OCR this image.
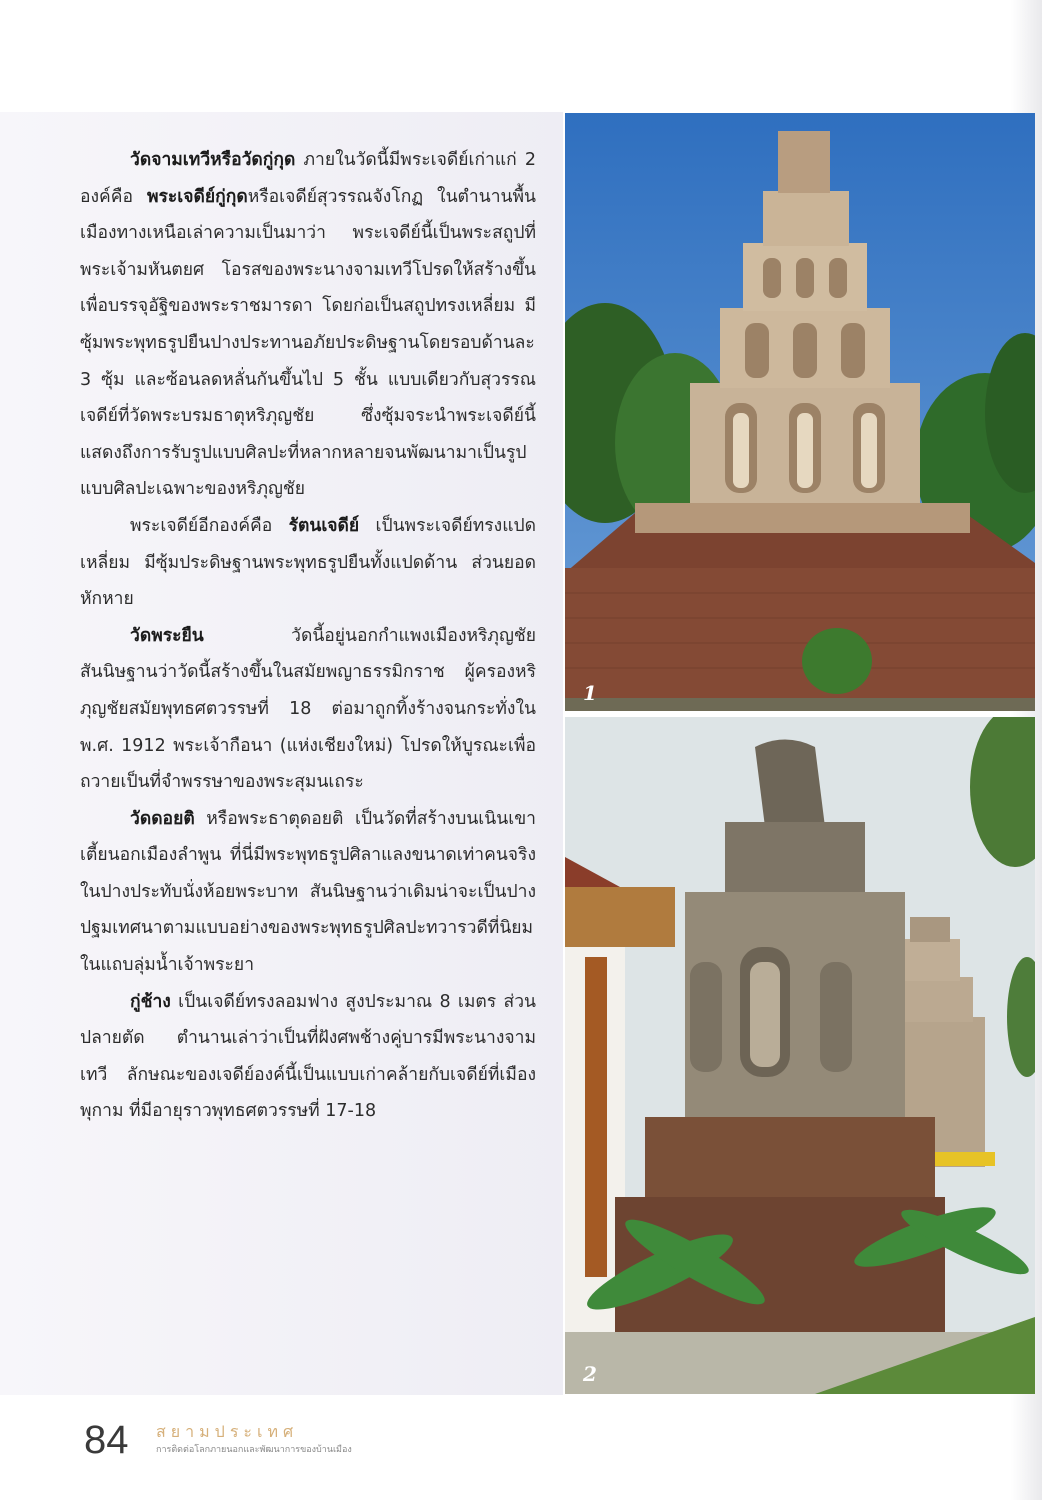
วัดจามเทวีหรือวัดกู่กุด ภายในวัดนี้มีพระเจดีย์เก่าแก่ 2 องค์คือ พระเจดีย์กู่กุดหรือเจดีย์สุวรรณจังโกฏ ในตำนานพื้นเมืองทางเหนือเล่าความเป็นมาว่า พระเจดีย์นี้เป็นพระสถูปที่พระเจ้ามหันตยศ โอรสของพระนางจามเทวีโปรดให้สร้างขึ้นเพื่อบรรจุอัฐิของพระราชมารดา โดยก่อเป็นสถูปทรงเหลี่ยม มีซุ้มพระพุทธรูปยืนปางประทานอภัยประดิษฐานโดยรอบด้านละ 3 ซุ้ม และซ้อนลดหลั่นกันขึ้นไป 5 ชั้น แบบเดียวกับสุวรรณเจดีย์ที่วัดพระบรมธาตุหริภุญชัย ซึ่งซุ้มจระนำพระเจดีย์นี้แสดงถึงการรับรูปแบบศิลปะที่หลากหลายจนพัฒนามาเป็นรูปแบบศิลปะเฉพาะของหริภุญชัย

พระเจดีย์อีกองค์คือ รัตนเจดีย์ เป็นพระเจดีย์ทรงแปดเหลี่ยม มีซุ้มประดิษฐานพระพุทธรูปยืนทั้งแปดด้าน ส่วนยอดหักหาย

วัดพระยืน วัดนี้อยู่นอกกำแพงเมืองหริภุญชัย สันนิษฐานว่าวัดนี้สร้างขึ้นในสมัยพญาธรรมิกราช ผู้ครองหริภุญชัยสมัยพุทธศตวรรษที่ 18 ต่อมาถูกทิ้งร้างจนกระทั่งใน พ.ศ. 1912 พระเจ้ากือนา (แห่งเชียงใหม่) โปรดให้บูรณะเพื่อถวายเป็นที่จำพรรษาของพระสุมนเถระ

วัดดอยติ หรือพระธาตุดอยติ เป็นวัดที่สร้างบนเนินเขาเตี้ยนอกเมืองลำพูน ที่นี่มีพระพุทธรูปศิลาแลงขนาดเท่าคนจริงในปางประทับนั่งห้อยพระบาท สันนิษฐานว่าเดิมน่าจะเป็นปางปฐมเทศนาตามแบบอย่างของพระพุทธรูปศิลปะทวารวดีที่นิยมในแถบลุ่มน้ำเจ้าพระยา

กู่ช้าง เป็นเจดีย์ทรงลอมฟาง สูงประมาณ 8 เมตร ส่วนปลายตัด ตำนานเล่าว่าเป็นที่ฝังศพช้างคู่บารมีพระนางจามเทวี ลักษณะของเจดีย์องค์นี้เป็นแบบเก่าคล้ายกับเจดีย์ที่เมืองพุกาม ที่มีอายุราวพุทธศตวรรษที่ 17-18

1
2
84 สยามประเทศ
การติดต่อโลกภายนอกและพัฒนาการของบ้านเมือง
